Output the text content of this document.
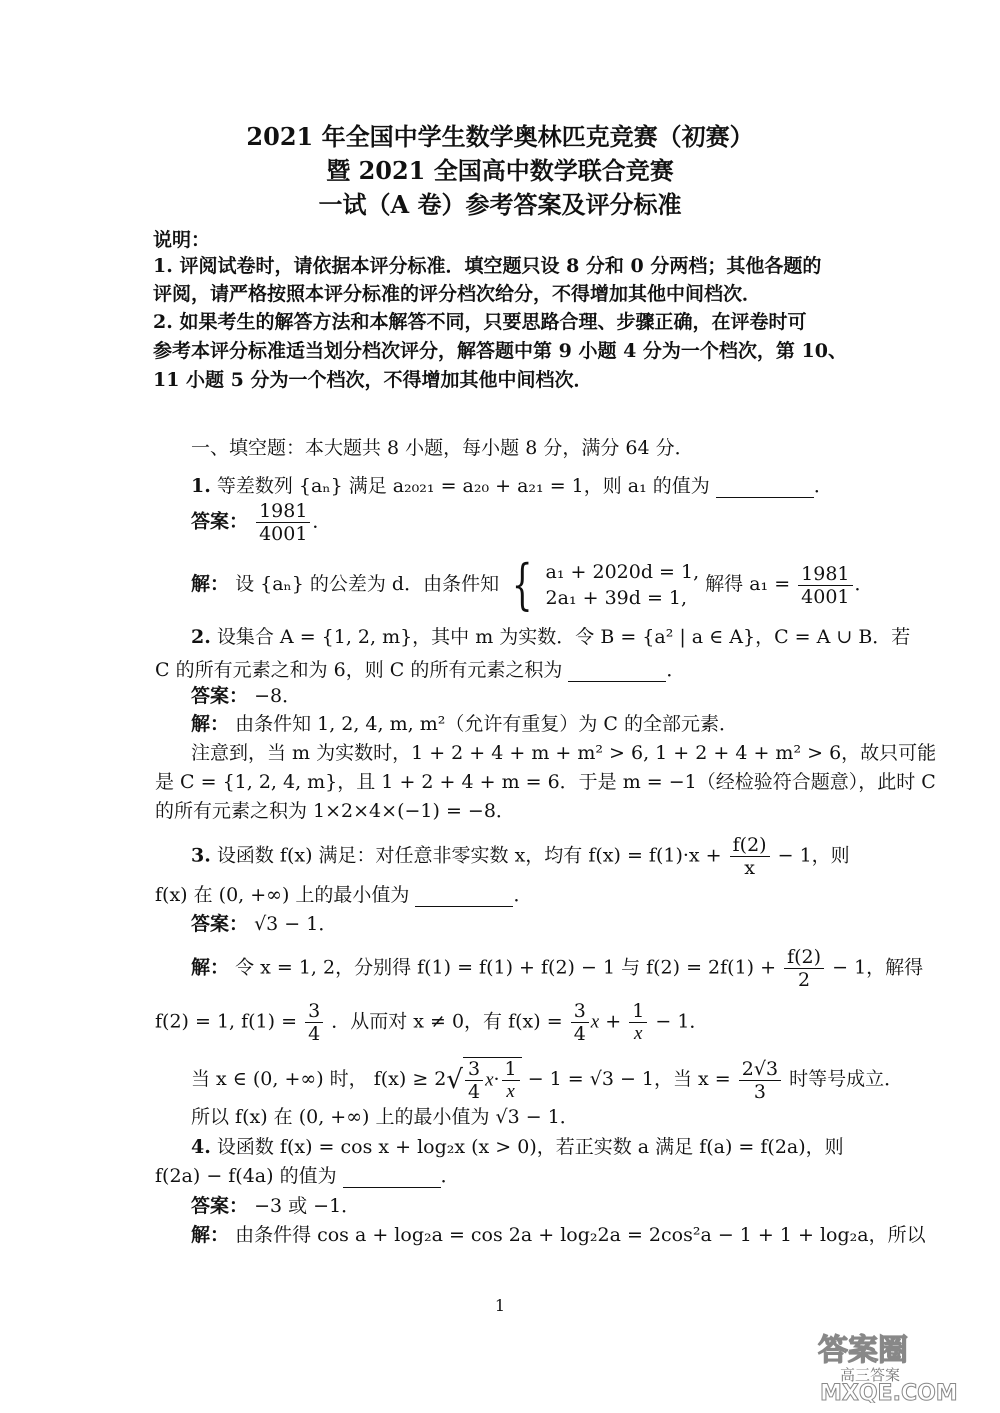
2021 年全国中学生数学奥林匹克竞赛（初赛）
暨 2021 全国高中数学联合竞赛
一试（A 卷）参考答案及评分标准
说明：
1. 评阅试卷时，请依据本评分标准．填空题只设 8 分和 0 分两档；其他各题的
评阅，请严格按照本评分标准的评分档次给分，不得增加其他中间档次．
2. 如果考生的解答方法和本解答不同，只要思路合理、步骤正确，在评卷时可
参考本评分标准适当划分档次评分，解答题中第 9 小题 4 分为一个档次，第 10、
11 小题 5 分为一个档次，不得增加其他中间档次．
一、填空题：本大题共 8 小题，每小题 8 分，满分 64 分．
1. 等差数列 {aₙ} 满足 a₂₀₂₁ = a₂₀ + a₂₁ = 1，则 a₁ 的值为	．
答案： $\frac{1981}{4001}$ ．
解： 设 {aₙ} 的公差为 d．由条件知 { a₁ + 2020d = 1,
2a₁ + 39d = 1,
解得 $a_1 = \frac{1981}{4001}$ ．
2. 设集合 A = {1, 2, m}，其中 m 为实数．令 B = {a² | a ∈ A}，C = A ∪ B．若
C 的所有元素之和为 6，则 C 的所有元素之积为	．
答案： −8．
解： 由条件知 1, 2, 4, m, m²（允许有重复）为 C 的全部元素．
注意到，当 m 为实数时，1 + 2 + 4 + m + m² > 6, 1 + 2 + 4 + m² > 6，故只可能
是 C = {1, 2, 4, m}，且 1 + 2 + 4 + m = 6．于是 m = −1（经检验符合题意），此时 C
的所有元素之积为 1×2×4×(−1) = −8．
3. 设函数 f(x) 满足：对任意非零实数 x，均有 $f(x) = f(1)\cdot x + \frac{f(2)}{x} - 1$，则
f(x) 在 (0, +∞) 上的最小值为	．
答案： √3 − 1．
解： 令 x = 1, 2，分别得 f(1) = f(1) + f(2) − 1 与 $f(2) = 2f(1) + \frac{f(2)}{2} - 1$，解得
f(2) = 1, $f(1) = \frac{3}{4}$ ．从而对 x ≠ 0，有 $f(x) = \frac{3}{4}$ $x + \frac{1}{x} - 1$．
当 x ∈ (0, +∞) 时， $f(x) \ge 2√ \frac{3}{4} x\cdot \frac{1}{x} - 1 = √3 - 1$，当 $x = \frac{2√3}{3}$ 时等号成立．
所以 f(x) 在 (0, +∞) 上的最小值为 √3 − 1．
4. 设函数 f(x) = cos x + log₂x (x > 0)，若正实数 a 满足 f(a) = f(2a)，则
f(2a) − f(4a) 的值为	．
答案： −3 或 −1．
解： 由条件得 cos a + log₂a = cos 2a + log₂2a = 2cos²a − 1 + 1 + log₂a，所以
1
答案圈
高三答案
MXQE.COM
